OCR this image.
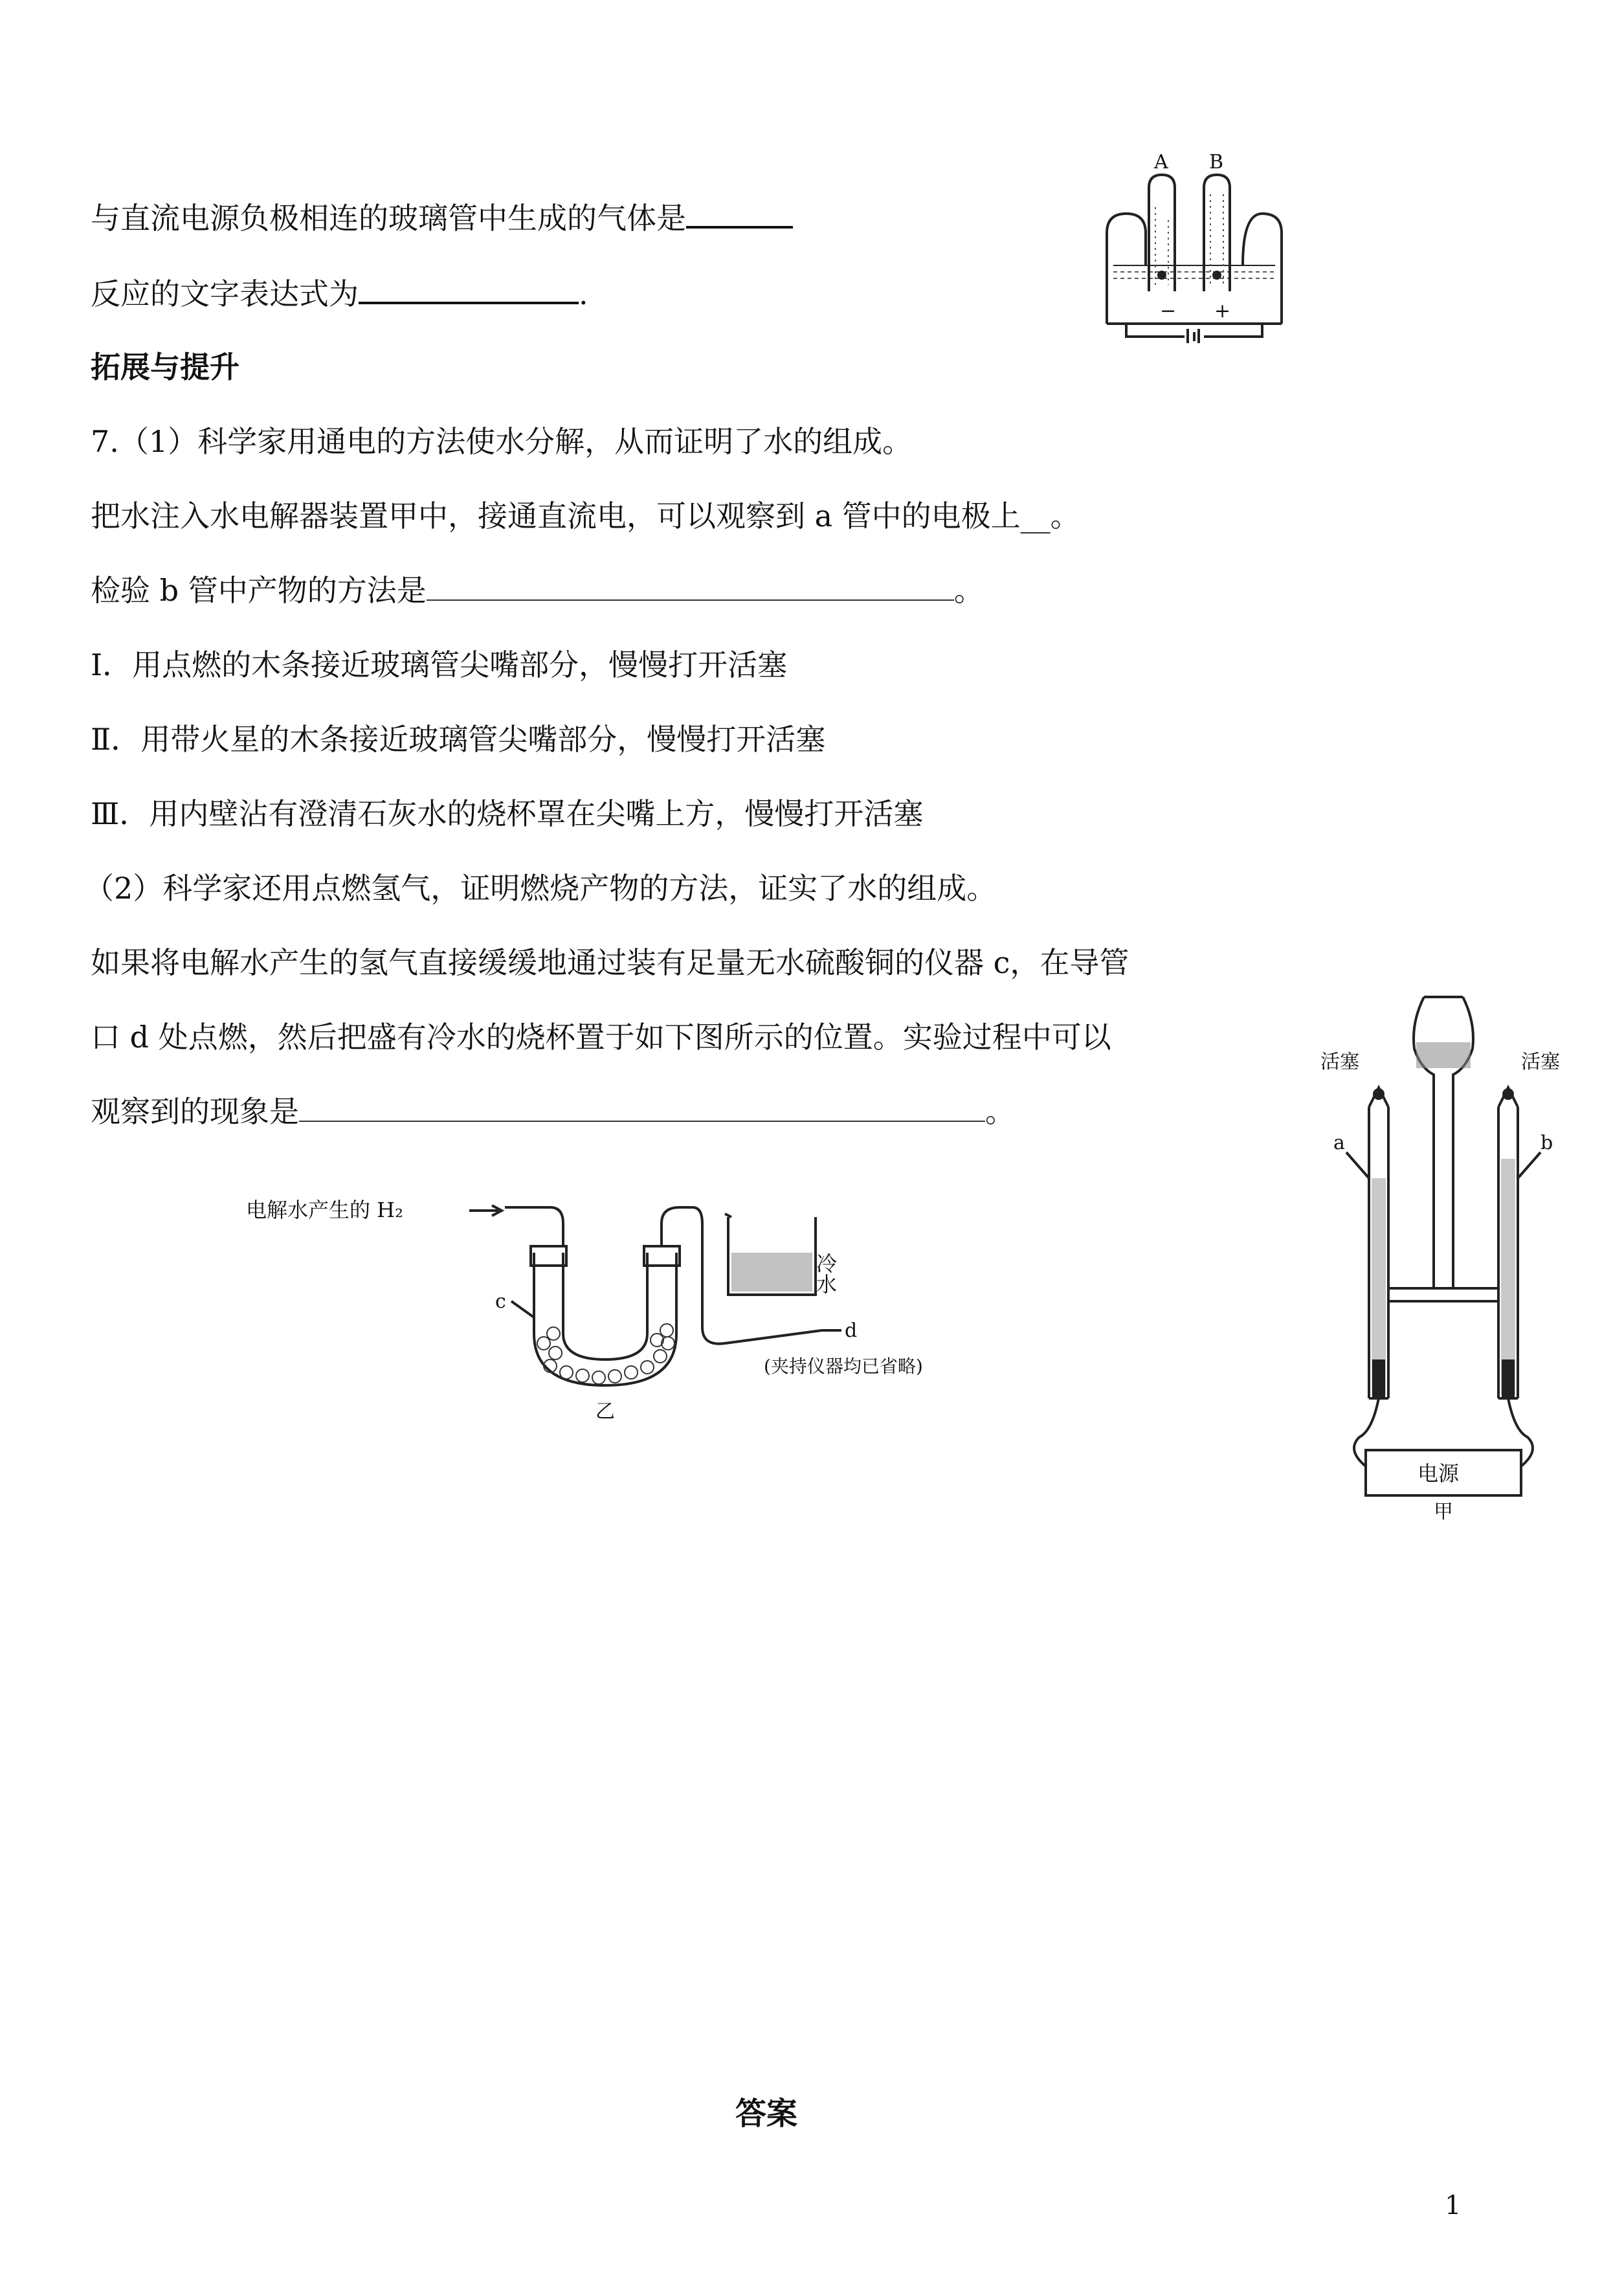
与直流电源负极相连的玻璃管中生成的气体是
反应的文字表达式为	.
A B
− +
拓展与提升
7.（1）科学家用通电的方法使水分解，从而证明了水的组成。
把水注入水电解器装置甲中，接通直流电，可以观察到 a 管中的电极上__。
检验 b 管中产物的方法是	。
Ⅰ．用点燃的木条接近玻璃管尖嘴部分，慢慢打开活塞
Ⅱ．用带火星的木条接近玻璃管尖嘴部分，慢慢打开活塞
Ⅲ．用内壁沾有澄清石灰水的烧杯罩在尖嘴上方，慢慢打开活塞
（2）科学家还用点燃氢气，证明燃烧产物的方法，证实了水的组成。
如果将电解水产生的氢气直接缓缓地通过装有足量无水硫酸铜的仪器 c，在导管
口 d 处点燃，然后把盛有冷水的烧杯置于如下图所示的位置。实验过程中可以
观察到的现象是	。
活塞	活塞
a	b
电源
甲
电解水产生的 H₂
c
d
冷水
(夹持仪器均已省略)
乙
答案
1
